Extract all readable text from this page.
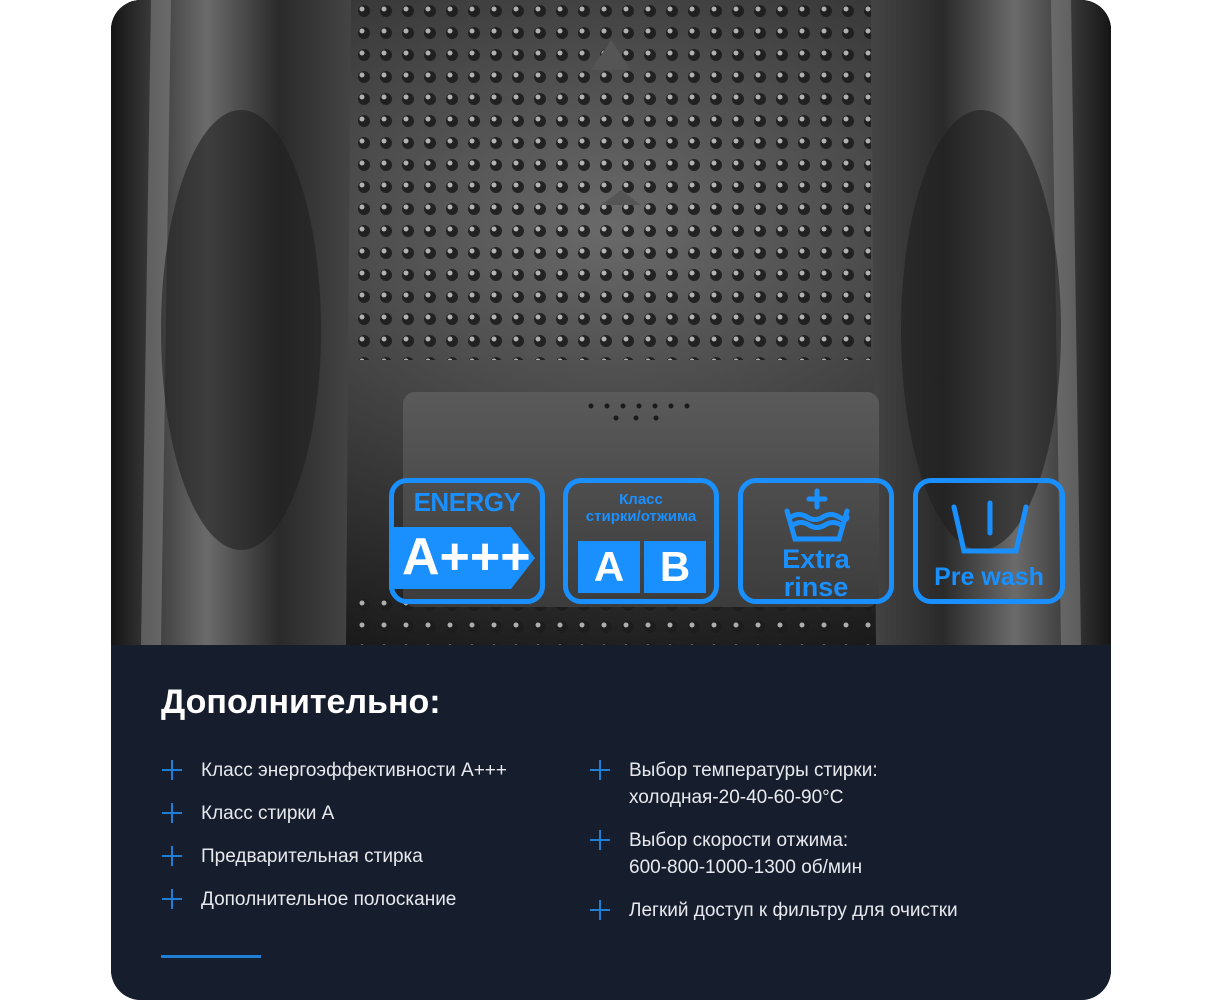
ENERGY
A+++
Класс
стирки/отжима
A B	Extra
rinse	Pre wash
Дополнительно:
Класс энергоэффективности A+++
Класс стирки A
Предварительная стирка
Дополнительное полоскание
Выбор температуры стирки:
холодная-20-40-60-90°C
Выбор скорости отжима:
600-800-1000-1300 об/мин
Легкий доступ к фильтру для очистки
